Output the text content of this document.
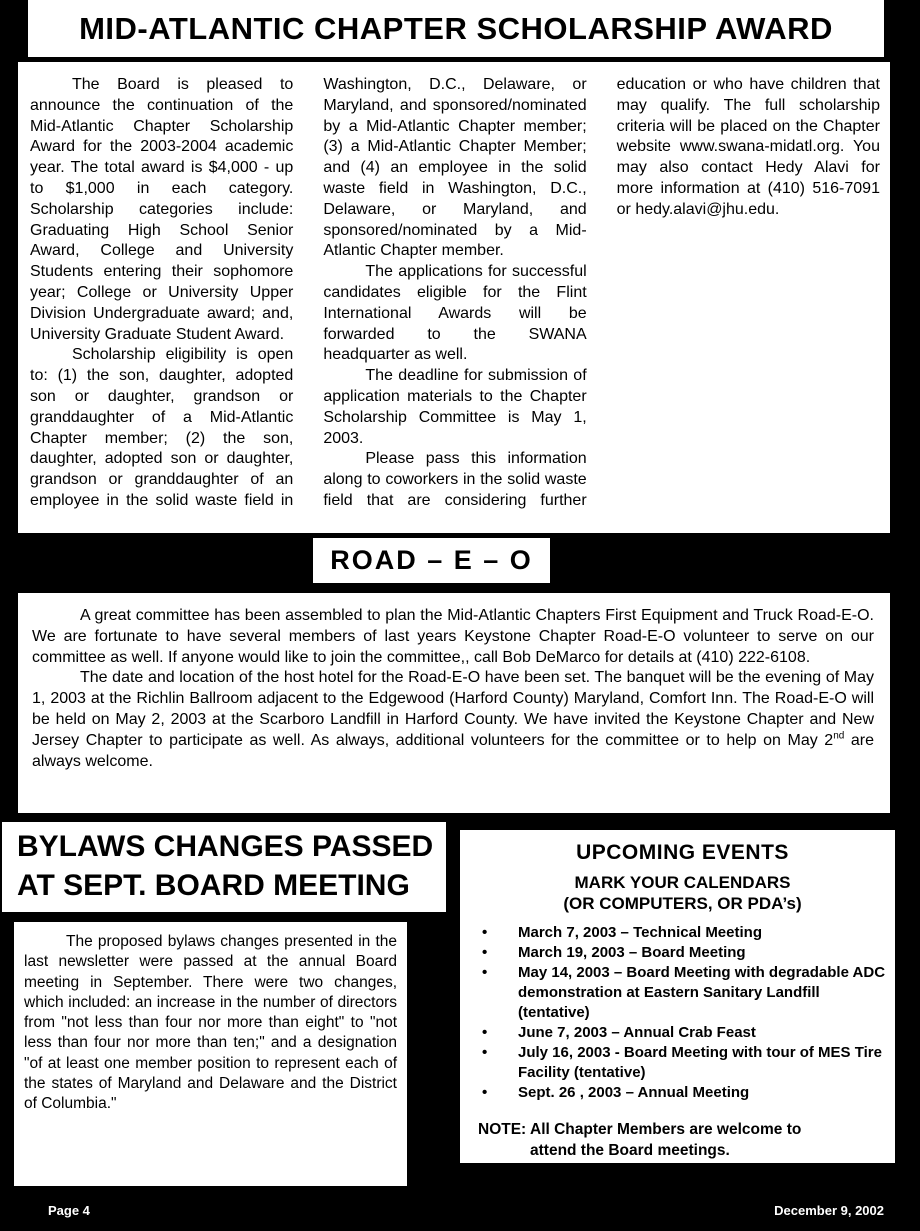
MID-ATLANTIC CHAPTER SCHOLARSHIP AWARD

The Board is pleased to announce the continuation of the Mid-Atlantic Chapter Scholarship Award for the 2003-2004 academic year. The total award is $4,000 - up to $1,000 in each category. Scholarship categories include: Graduating High School Senior Award, College and University Students entering their sophomore year; College or University Upper Division Undergraduate award; and, University Graduate Student Award.

Scholarship eligibility is open to: (1) the son, daughter, adopted son or daughter, grandson or granddaughter of a Mid-Atlantic Chapter member; (2) the son, daughter, adopted son or daughter, grandson or granddaughter of an employee in the solid waste field in Washington, D.C., Delaware, or Maryland, and sponsored/nominated by a Mid-Atlantic Chapter member; (3) a Mid-Atlantic Chapter Member; and (4) an employee in the solid waste field in Washington, D.C., Delaware, or Maryland, and sponsored/nominated by a Mid-Atlantic Chapter member.

The applications for successful candidates eligible for the Flint International Awards will be forwarded to the SWANA headquarter as well.

The deadline for submission of application materials to the Chapter Scholarship Committee is May 1, 2003.

Please pass this information along to coworkers in the solid waste field that are considering further education or who have children that may qualify. The full scholarship criteria will be placed on the Chapter website www.swana-midatl.org. You may also contact Hedy Alavi for more information at (410) 516-7091 or hedy.alavi@jhu.edu.

ROAD – E – O

A great committee has been assembled to plan the Mid-Atlantic Chapters First Equipment and Truck Road-E-O. We are fortunate to have several members of last years Keystone Chapter Road-E-O volunteer to serve on our committee as well. If anyone would like to join the committee,, call Bob DeMarco for details at (410) 222-6108.

The date and location of the host hotel for the Road-E-O have been set. The banquet will be the evening of May 1, 2003 at the Richlin Ballroom adjacent to the Edgewood (Harford County) Maryland, Comfort Inn. The Road-E-O will be held on May 2, 2003 at the Scarboro Landfill in Harford County. We have invited the Keystone Chapter and New Jersey Chapter to participate as well. As always, additional volunteers for the committee or to help on May 2nd are always welcome.

BYLAWS CHANGES PASSED
AT SEPT. BOARD MEETING

The proposed bylaws changes presented in the last newsletter were passed at the annual Board meeting in September. There were two changes, which included: an increase in the number of directors from "not less than four nor more than eight" to "not less than four nor more than ten;" and a designation "of at least one member position to represent each of the states of Maryland and Delaware and the District of Columbia."

UPCOMING EVENTS
MARK YOUR CALENDARS
(OR COMPUTERS, OR PDA’s)
•	March 7, 2003 – Technical Meeting
•	March 19, 2003 – Board Meeting
•	May 14, 2003 – Board Meeting with degradable ADC demonstration at Eastern Sanitary Landfill (tentative)
•	June 7, 2003 – Annual Crab Feast
•	July 16, 2003 - Board Meeting with tour of MES Tire Facility (tentative)
•	Sept. 26 , 2003 – Annual Meeting
NOTE: All Chapter Members are welcome to attend the Board meetings.
Page 4	December 9, 2002
